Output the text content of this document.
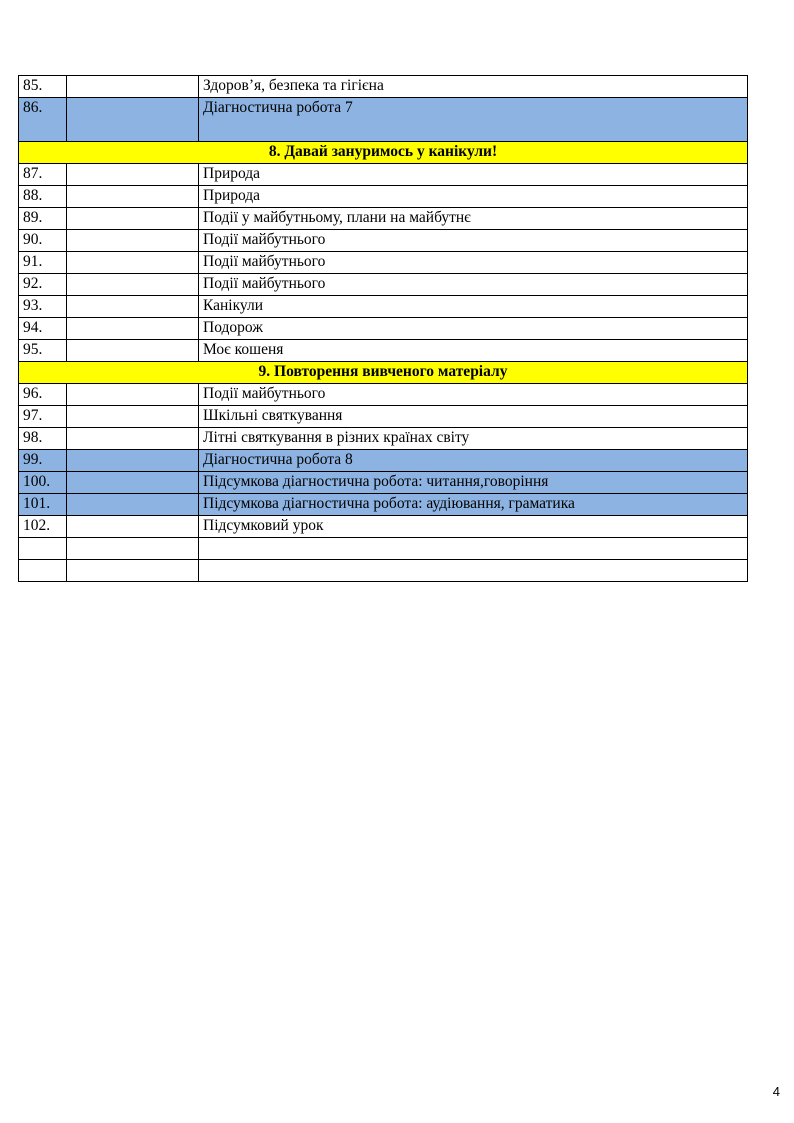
85.		Здоров’я, безпека та гігієна
86.		Діагностична робота 7
8. Давай зануримось у канікули!		
87.		Природа
88.		Природа
89.		Події у майбутньому, плани на майбутнє
90.		Події майбутнього
91.		Події майбутнього
92.		Події майбутнього
93.		Канікули
94.		Подорож
95.		Моє кошеня
9. Повторення вивченого матеріалу		
96.		Події майбутнього
97.		Шкільні святкування
98.		Літні святкування в різних країнах світу
99.		Діагностична робота 8
100.		Підсумкова діагностична робота: читання,говоріння
101.		Підсумкова діагностична робота: аудіювання, граматика
102.		Підсумковий урок

4
